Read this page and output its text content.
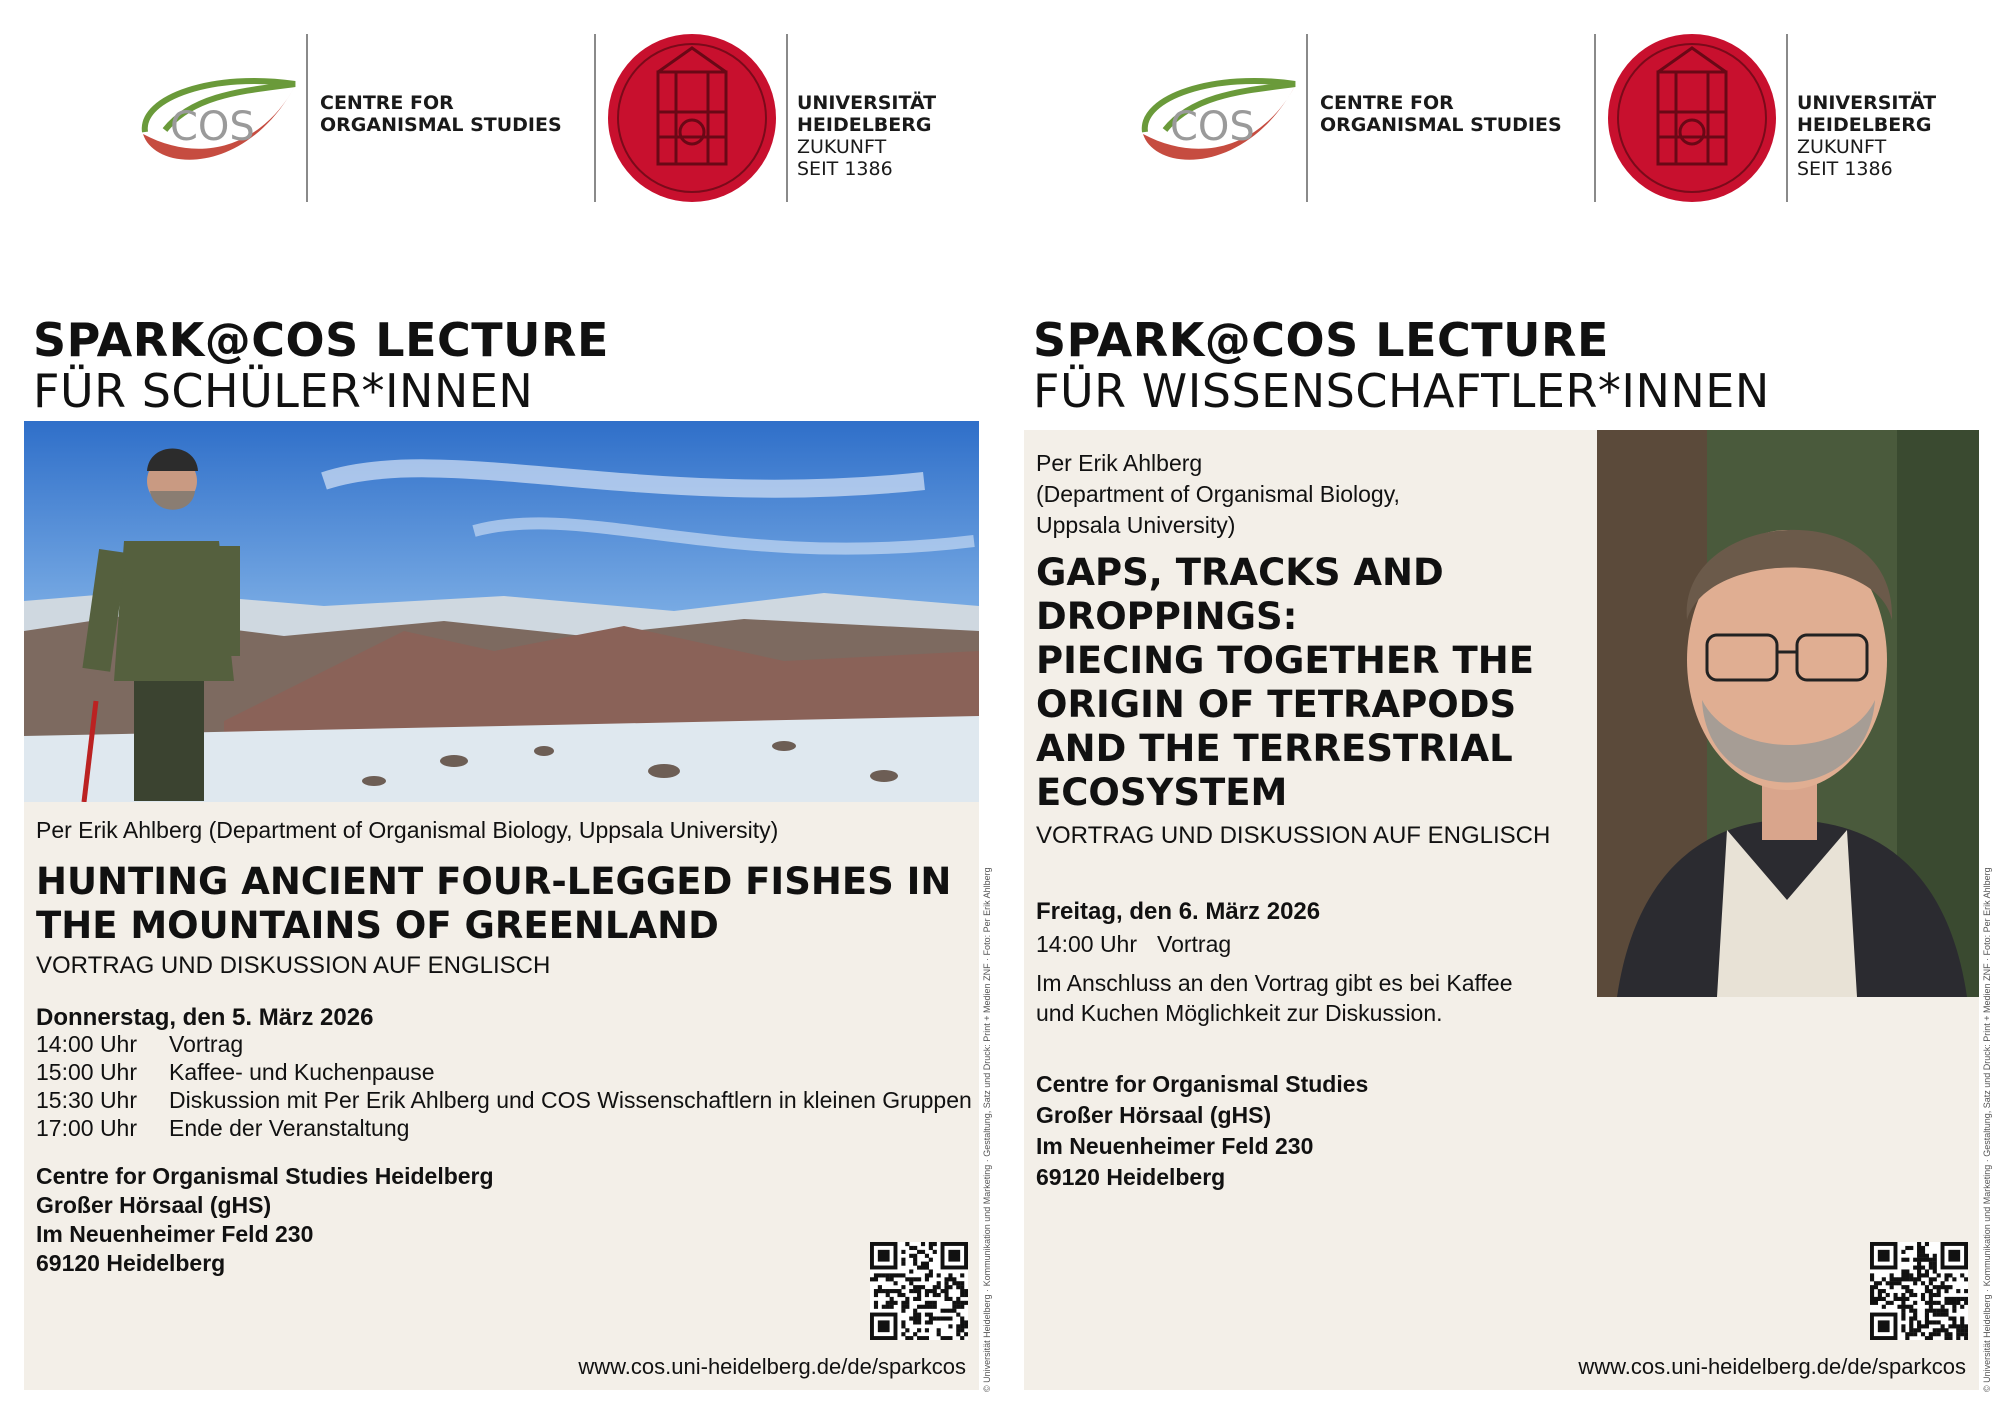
COS
CENTRE FOR
ORGANISMAL STUDIES
UNIVERSITÄT
HEIDELBERG
ZUKUNFT
SEIT 1386
SPARK@COS LECTURE
FÜR SCHÜLER*INNEN
Per Erik Ahlberg (Department of Organismal Biology, Uppsala University)
HUNTING ANCIENT FOUR-LEGGED FISHES IN
THE MOUNTAINS OF GREENLAND
VORTRAG UND DISKUSSION AUF ENGLISCH
Donnerstag, den 5. März 2026
14:00 Uhr	Vortrag
15:00 Uhr	Kaffee- und Kuchenpause
15:30 Uhr	Diskussion mit Per Erik Ahlberg und COS Wissenschaftlern in kleinen Gruppen
17:00 Uhr	Ende der Veranstaltung
Centre for Organismal Studies Heidelberg
Großer Hörsaal (gHS)
Im Neuenheimer Feld 230
69120 Heidelberg
www.cos.uni-heidelberg.de/de/sparkcos © Universität Heidelberg · Kommunikation und Marketing · Gestaltung, Satz und Druck: Print + Medien ZNF · Foto: Per Erik Ahlberg
COS
CENTRE FOR
ORGANISMAL STUDIES
UNIVERSITÄT
HEIDELBERG
ZUKUNFT
SEIT 1386
SPARK@COS LECTURE
FÜR WISSENSCHAFTLER*INNEN
Per Erik Ahlberg
(Department of Organismal Biology,
Uppsala University)
GAPS, TRACKS AND
DROPPINGS:
PIECING TOGETHER THE
ORIGIN OF TETRAPODS
AND THE TERRESTRIAL
ECOSYSTEM
VORTRAG UND DISKUSSION AUF ENGLISCH
Freitag, den 6. März 2026
14:00 Uhr Vortrag
Im Anschluss an den Vortrag gibt es bei Kaffee
und Kuchen Möglichkeit zur Diskussion.
Centre for Organismal Studies
Großer Hörsaal (gHS)
Im Neuenheimer Feld 230
69120 Heidelberg
www.cos.uni-heidelberg.de/de/sparkcos © Universität Heidelberg · Kommunikation und Marketing · Gestaltung, Satz und Druck: Print + Medien ZNF · Foto: Per Erik Ahlberg
